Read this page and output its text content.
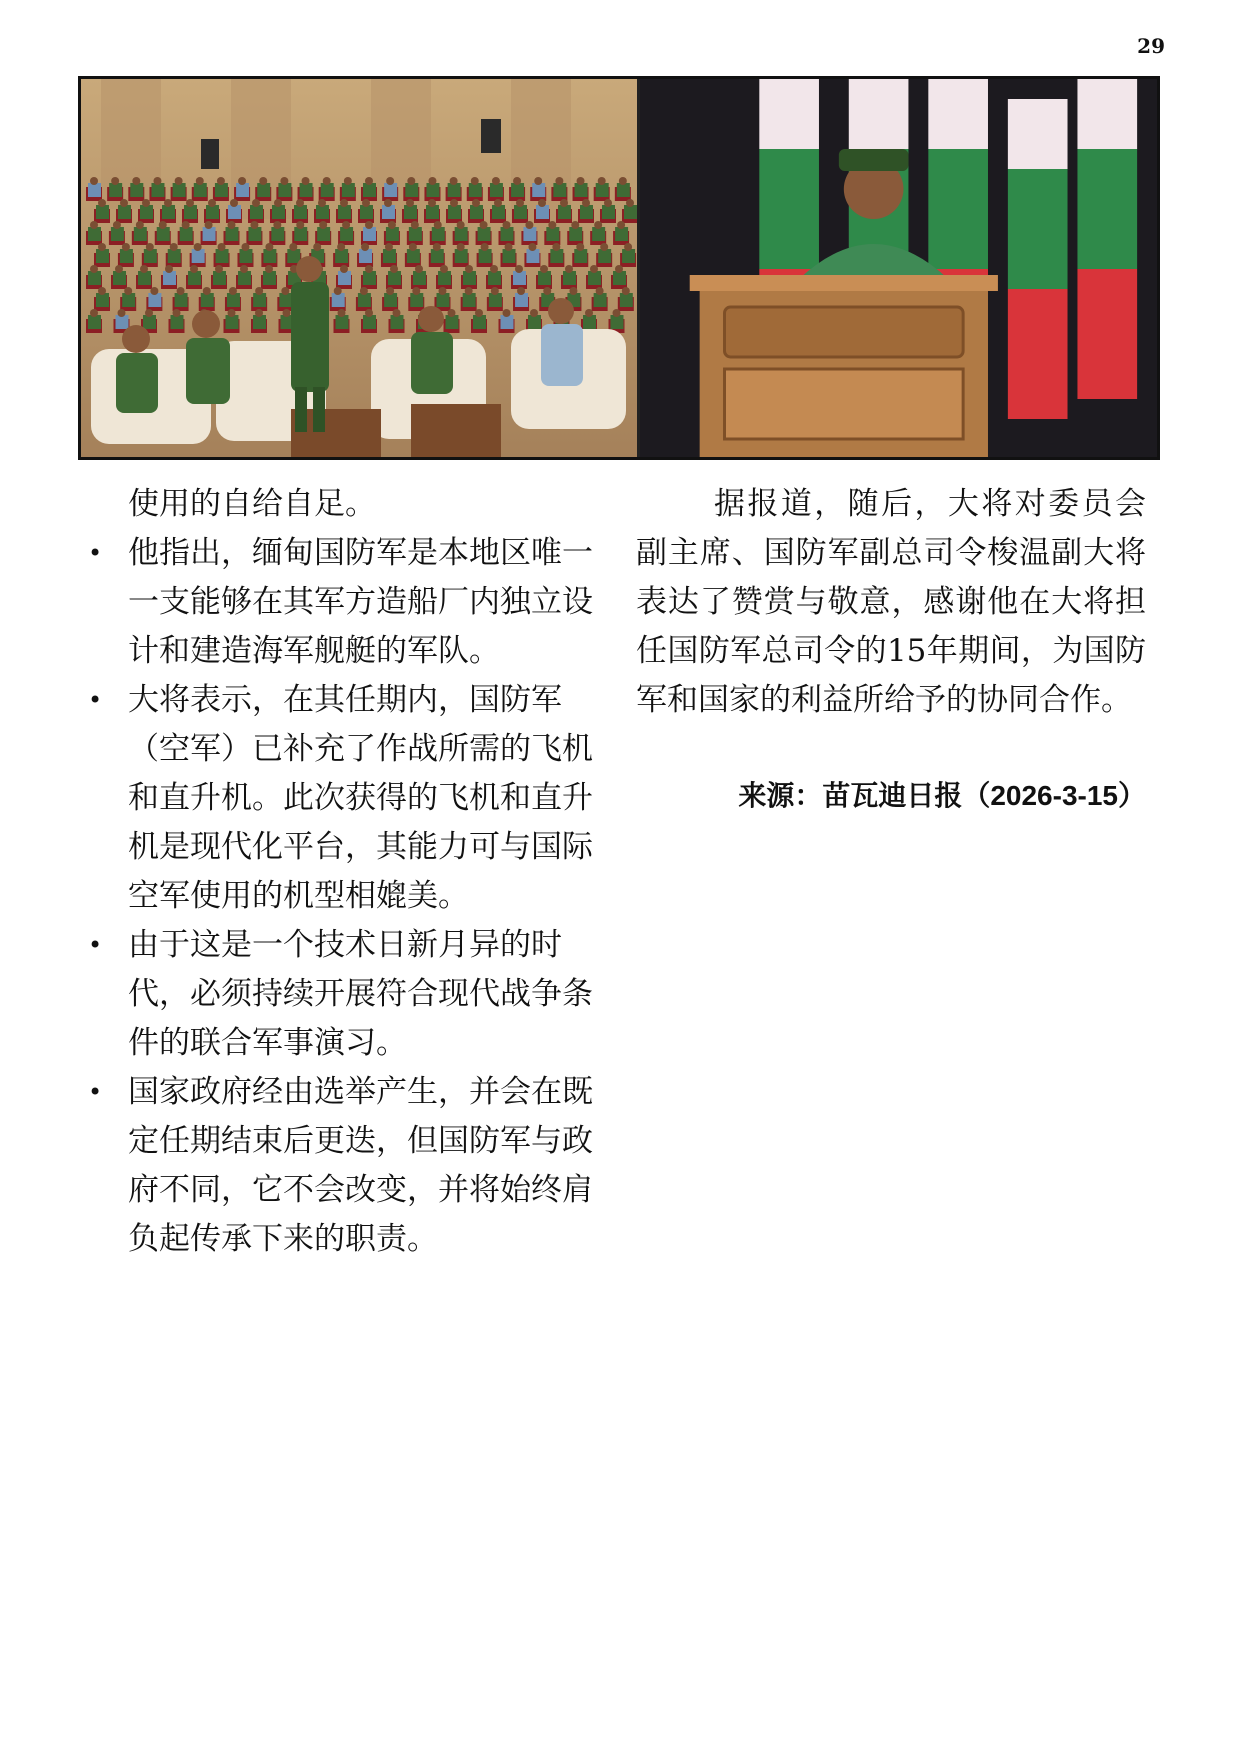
29

使用的自给自足。

• 他指出，缅甸国防军是本地区唯一一支能够在其军方造船厂内独立设计和建造海军舰艇的军队。
• 大将表示，在其任期内，国防军（空军）已补充了作战所需的飞机和直升机。此次获得的飞机和直升机是现代化平台，其能力可与国际空军使用的机型相媲美。
• 由于这是一个技术日新月异的时代，必须持续开展符合现代战争条件的联合军事演习。
• 国家政府经由选举产生，并会在既定任期结束后更迭，但国防军与政府不同，它不会改变，并将始终肩负起传承下来的职责。

据报道，随后，大将对委员会副主席、国防军副总司令梭温副大将表达了赞赏与敬意，感谢他在大将担任国防军总司令的15年期间，为国防军和国家的利益所给予的协同合作。

来源：苗瓦迪日报（2026-3-15）
